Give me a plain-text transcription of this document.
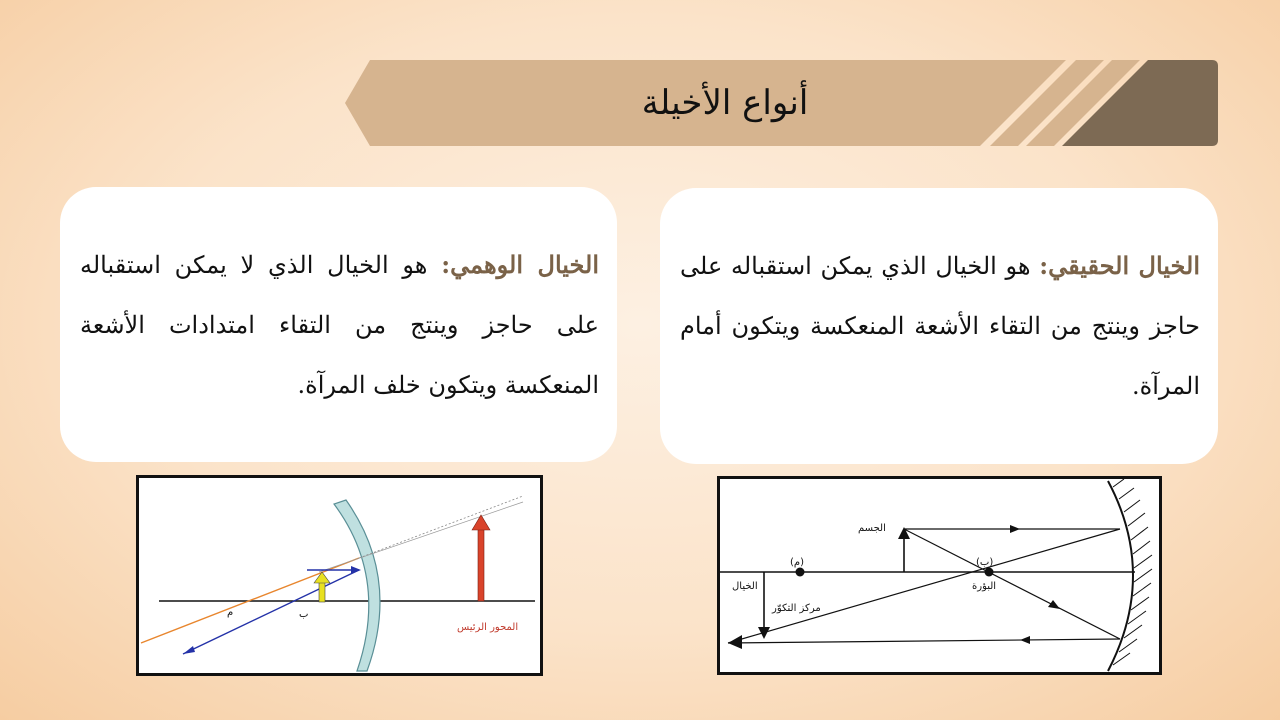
أنواع الأخيلة
الخيال الوهمي: هو الخيال الذي لا يمكن استقباله على حاجز وينتج من التقاء امتدادات الأشعة المنعكسة ويتكون خلف المرآة.
الخيال الحقيقي: هو الخيال الذي يمكن استقباله على حاجز وينتج من التقاء الأشعة المنعكسة ويتكون أمام المرآة.
م	ب
المحور الرئيس
الجسم
الخيال
(م)
مركز التكوّر
(ب)
البؤرة
